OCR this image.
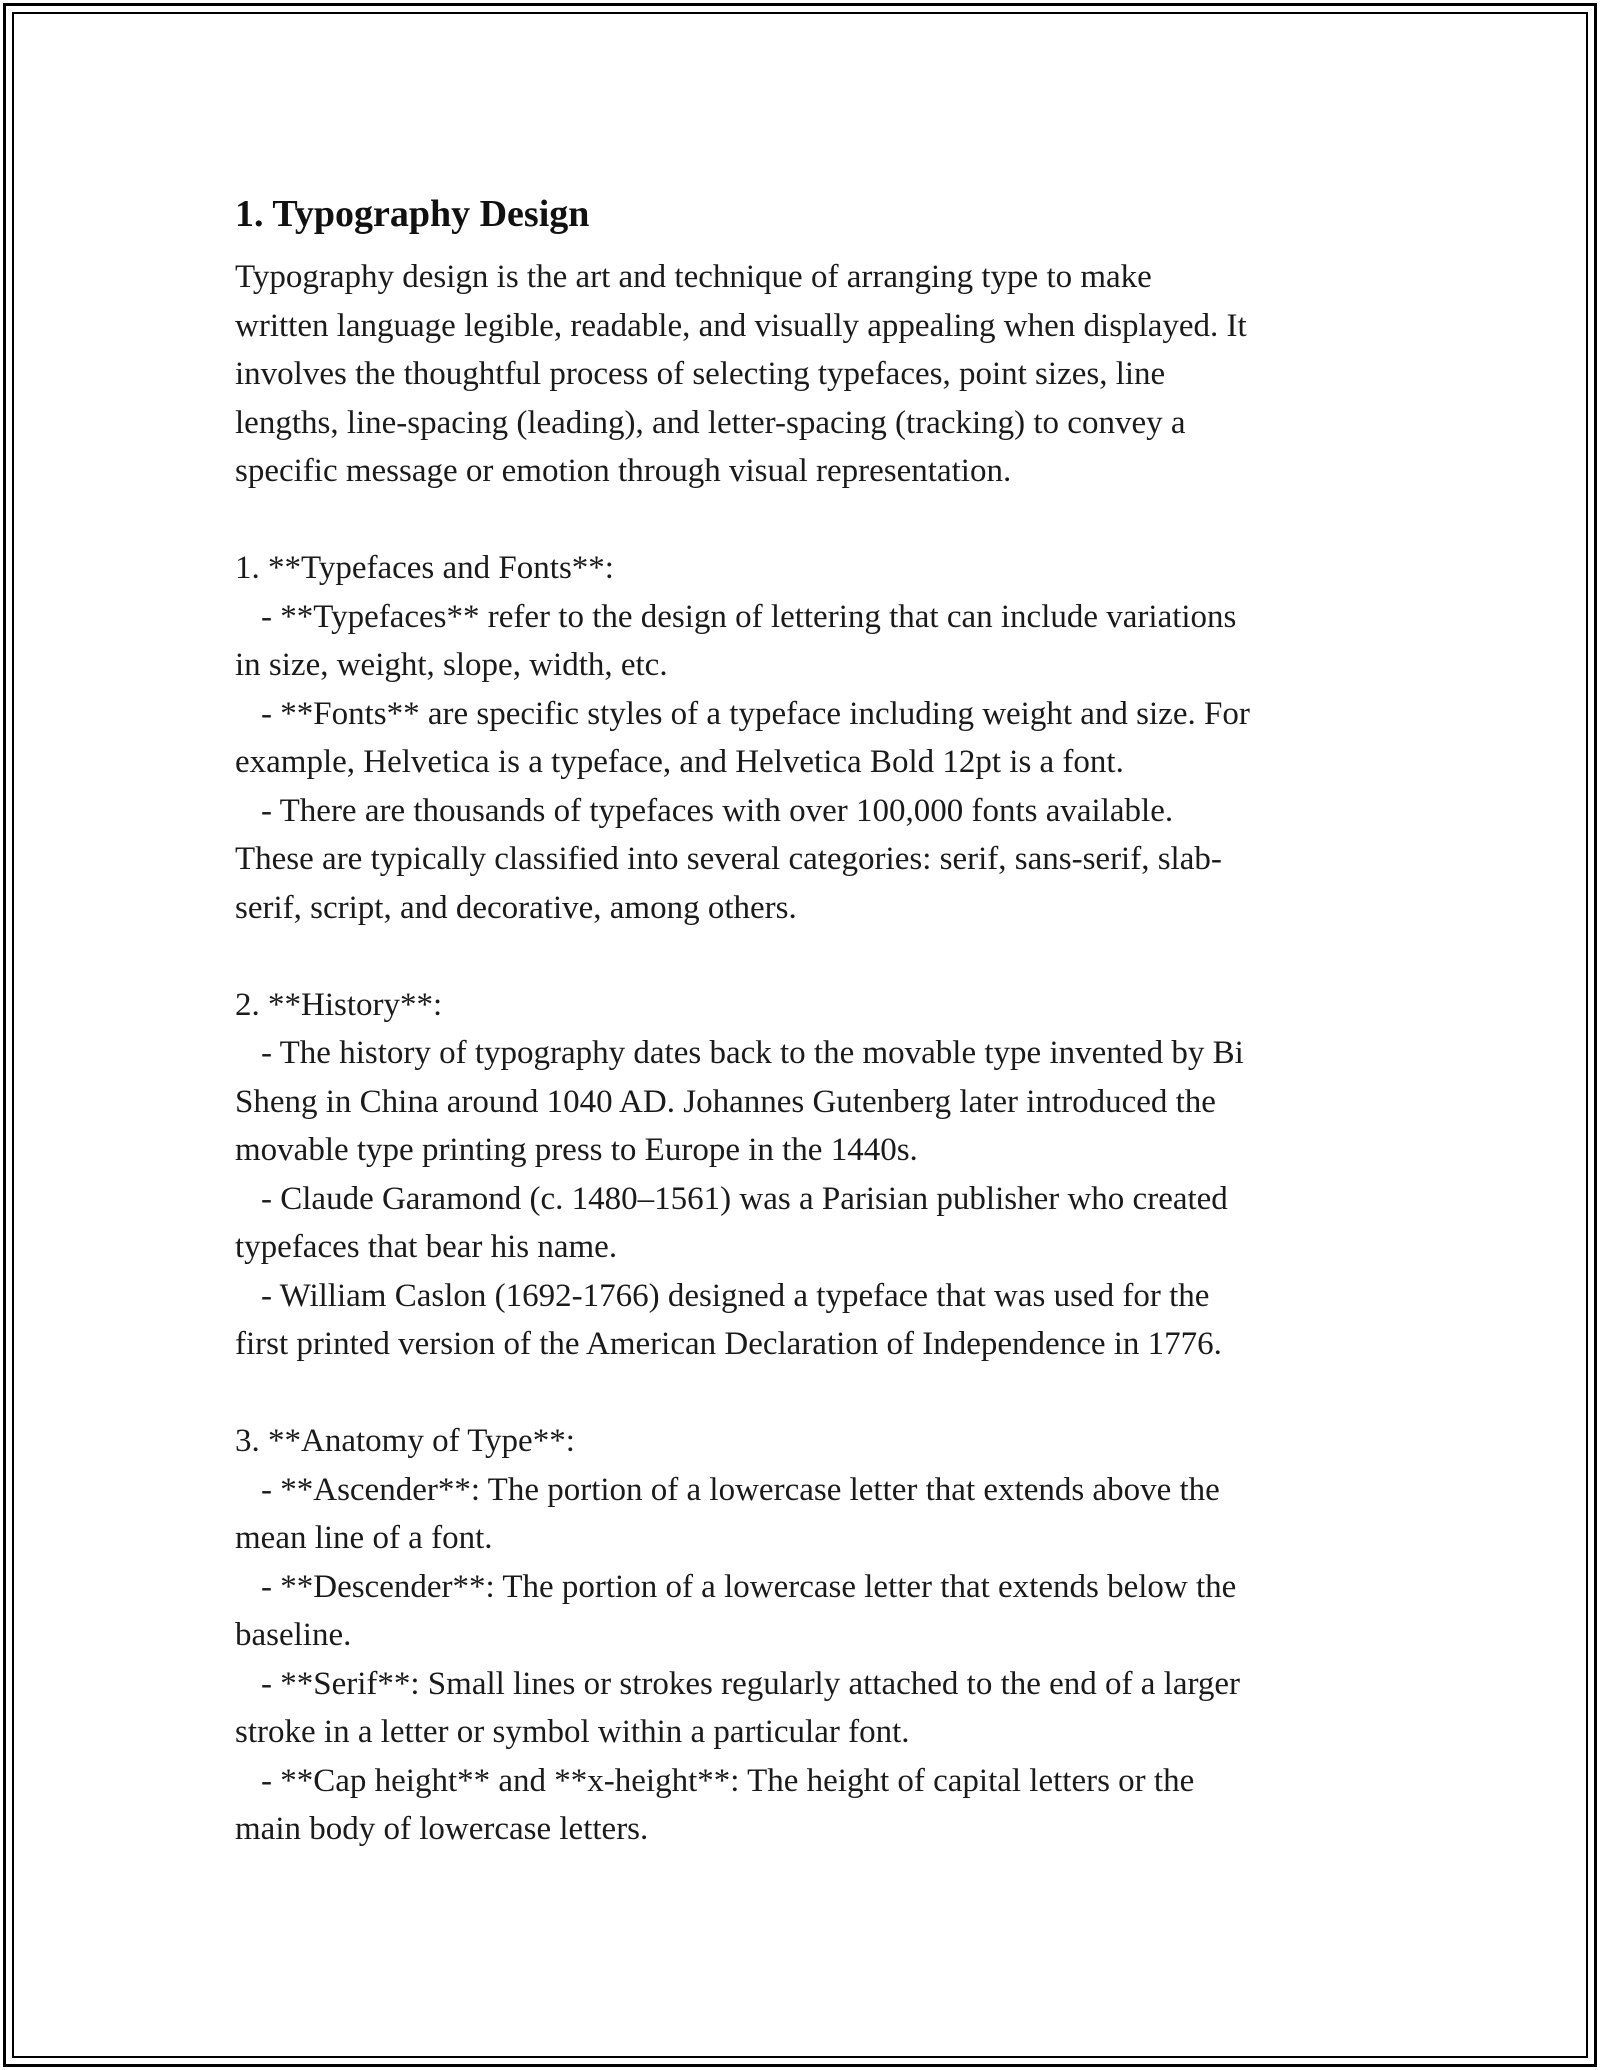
1. Typography Design

Typography design is the art and technique of arranging type to make
written language legible, readable, and visually appealing when displayed. It
involves the thoughtful process of selecting typefaces, point sizes, line
lengths, line-spacing (leading), and letter-spacing (tracking) to convey a
specific message or emotion through visual representation.

1. **Typefaces and Fonts**:
- **Typefaces** refer to the design of lettering that can include variations
in size, weight, slope, width, etc.
- **Fonts** are specific styles of a typeface including weight and size. For
example, Helvetica is a typeface, and Helvetica Bold 12pt is a font.
- There are thousands of typefaces with over 100,000 fonts available.
These are typically classified into several categories: serif, sans-serif, slab-
serif, script, and decorative, among others.
2. **History**:
- The history of typography dates back to the movable type invented by Bi
Sheng in China around 1040 AD. Johannes Gutenberg later introduced the
movable type printing press to Europe in the 1440s.
- Claude Garamond (c. 1480–1561) was a Parisian publisher who created
typefaces that bear his name.
- William Caslon (1692-1766) designed a typeface that was used for the
first printed version of the American Declaration of Independence in 1776.
3. **Anatomy of Type**:
- **Ascender**: The portion of a lowercase letter that extends above the
mean line of a font.
- **Descender**: The portion of a lowercase letter that extends below the
baseline.
- **Serif**: Small lines or strokes regularly attached to the end of a larger
stroke in a letter or symbol within a particular font.
- **Cap height** and **x-height**: The height of capital letters or the
main body of lowercase letters.
